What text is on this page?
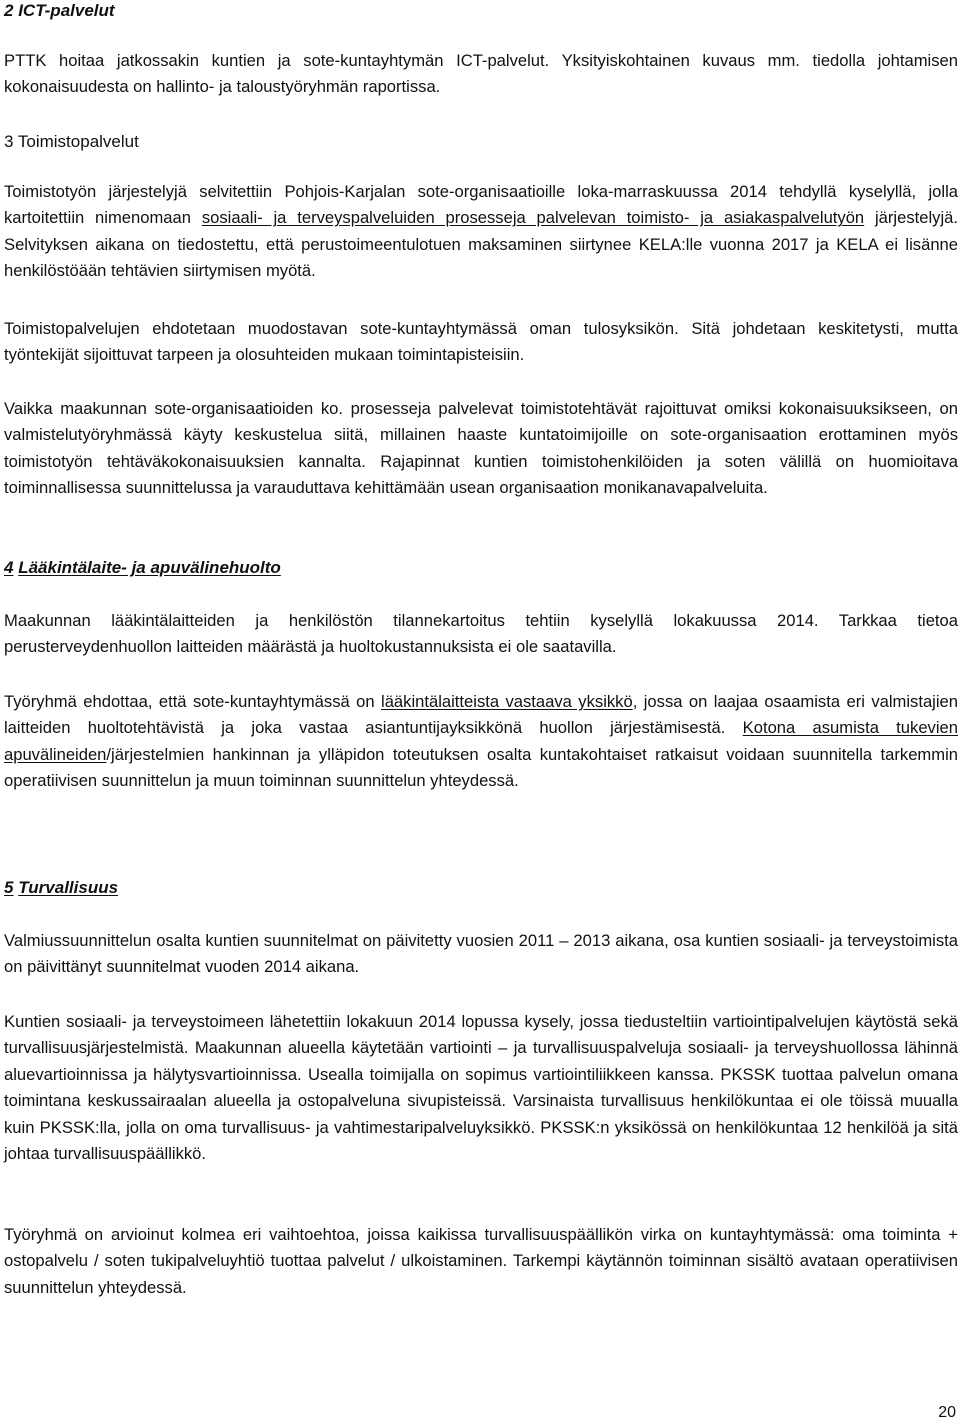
2 ICT-palvelut

PTTK hoitaa jatkossakin kuntien ja sote-kuntayhtymän ICT-palvelut. Yksityiskohtainen kuvaus mm. tiedolla johtamisen kokonaisuudesta on hallinto- ja taloustyöryhmän raportissa.

3 Toimistopalvelut

Toimistotyön järjestelyjä selvitettiin Pohjois-Karjalan sote-organisaatioille loka-marraskuussa 2014 tehdyllä kyselyllä, jolla kartoitettiin nimenomaan sosiaali- ja terveyspalveluiden prosesseja palvelevan toimisto- ja asiakaspalvelutyön järjestelyjä. Selvityksen aikana on tiedostettu, että perustoimeentulotuen maksaminen siirtynee KELA:lle vuonna 2017 ja KELA ei lisänne henkilöstöään tehtävien siirtymisen myötä.

Toimistopalvelujen ehdotetaan muodostavan sote-kuntayhtymässä oman tulosyksikön. Sitä johdetaan keskitetysti, mutta työntekijät sijoittuvat tarpeen ja olosuhteiden mukaan toimintapisteisiin.

Vaikka maakunnan sote-organisaatioiden ko. prosesseja palvelevat toimistotehtävät rajoittuvat omiksi kokonaisuuksikseen, on valmistelutyöryhmässä käyty keskustelua siitä, millainen haaste kuntatoimijoille on sote-organisaation erottaminen myös toimistotyön tehtäväkokonaisuuksien kannalta. Rajapinnat kuntien toimistohenkilöiden ja soten välillä on huomioitava toiminnallisessa suunnittelussa ja varauduttava kehittämään usean organisaation monikanavapalveluita.

4 Lääkintälaite- ja apuvälinehuolto

Maakunnan lääkintälaitteiden ja henkilöstön tilannekartoitus tehtiin kyselyllä lokakuussa 2014. Tarkkaa tietoa perusterveydenhuollon laitteiden määrästä ja huoltokustannuksista ei ole saatavilla.

Työryhmä ehdottaa, että sote-kuntayhtymässä on lääkintälaitteista vastaava yksikkö, jossa on laajaa osaamista eri valmistajien laitteiden huoltotehtävistä ja joka vastaa asiantuntijayksikkönä huollon järjestämisestä. Kotona asumista tukevien apuvälineiden/järjestelmien hankinnan ja ylläpidon toteutuksen osalta kuntakohtaiset ratkaisut voidaan suunnitella tarkemmin operatiivisen suunnittelun ja muun toiminnan suunnittelun yhteydessä.

5 Turvallisuus

Valmiussuunnittelun osalta kuntien suunnitelmat on päivitetty vuosien 2011 – 2013 aikana, osa kuntien sosiaali- ja terveystoimista on päivittänyt suunnitelmat vuoden 2014 aikana.

Kuntien sosiaali- ja terveystoimeen lähetettiin lokakuun 2014 lopussa kysely, jossa tiedusteltiin vartiointipalvelujen käytöstä sekä turvallisuusjärjestelmistä. Maakunnan alueella käytetään vartiointi – ja turvallisuuspalveluja sosiaali- ja terveyshuollossa lähinnä aluevartioinnissa ja hälytysvartioinnissa. Usealla toimijalla on sopimus vartiointiliikkeen kanssa. PKSSK tuottaa palvelun omana toimintana keskussairaalan alueella ja ostopalveluna sivupisteissä. Varsinaista turvallisuus henkilökuntaa ei ole töissä muualla kuin PKSSK:lla, jolla on oma turvallisuus- ja vahtimestaripalveluyksikkö. PKSSK:n yksikössä on henkilökuntaa 12 henkilöä ja sitä johtaa turvallisuuspäällikkö.

Työryhmä on arvioinut kolmea eri vaihtoehtoa, joissa kaikissa turvallisuuspäällikön virka on kuntayhtymässä: oma toiminta + ostopalvelu / soten tukipalveluyhtiö tuottaa palvelut / ulkoistaminen. Tarkempi käytännön toiminnan sisältö avataan operatiivisen suunnittelun yhteydessä.

20
